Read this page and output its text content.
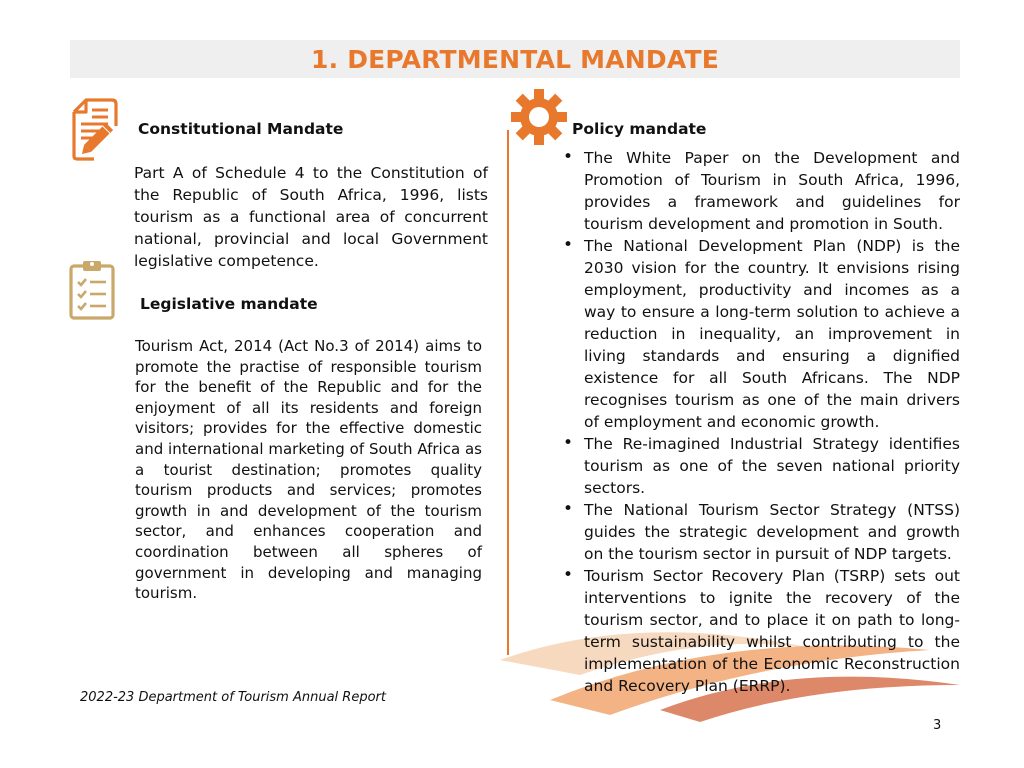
1. DEPARTMENTAL MANDATE
Constitutional Mandate

Part A of Schedule 4 to the Constitution of the Republic of South Africa, 1996, lists tourism as a functional area of concurrent national, provincial and local Government legislative competence.

Legislative mandate

Tourism Act, 2014 (Act No.3 of 2014) aims to promote the practise of responsible tourism for the benefit of the Republic and for the enjoyment of all its residents and foreign visitors; provides for the effective domestic and international marketing of South Africa as a tourist destination; promotes quality tourism products and services; promotes growth in and development of the tourism sector, and enhances cooperation and coordination between all spheres of government in developing and managing tourism.

Policy mandate
• The White Paper on the Development and Promotion of Tourism in South Africa, 1996, provides a framework and guidelines for tourism development and promotion in South.
• The National Development Plan (NDP) is the 2030 vision for the country. It envisions rising employment, productivity and incomes as a way to ensure a long-term solution to achieve a reduction in inequality, an improvement in living standards and ensuring a dignified existence for all South Africans. The NDP recognises tourism as one of the main drivers of employment and economic growth.
• The Re-imagined Industrial Strategy identifies tourism as one of the seven national priority sectors.
• The National Tourism Sector Strategy (NTSS) guides the strategic development and growth on the tourism sector in pursuit of NDP targets.
• Tourism Sector Recovery Plan (TSRP) sets out interventions to ignite the recovery of the tourism sector, and to place it on path to long-term sustainability whilst contributing to the implementation of the Economic Reconstruction and Recovery Plan (ERRP).
2022-23 Department of Tourism Annual Report
3
